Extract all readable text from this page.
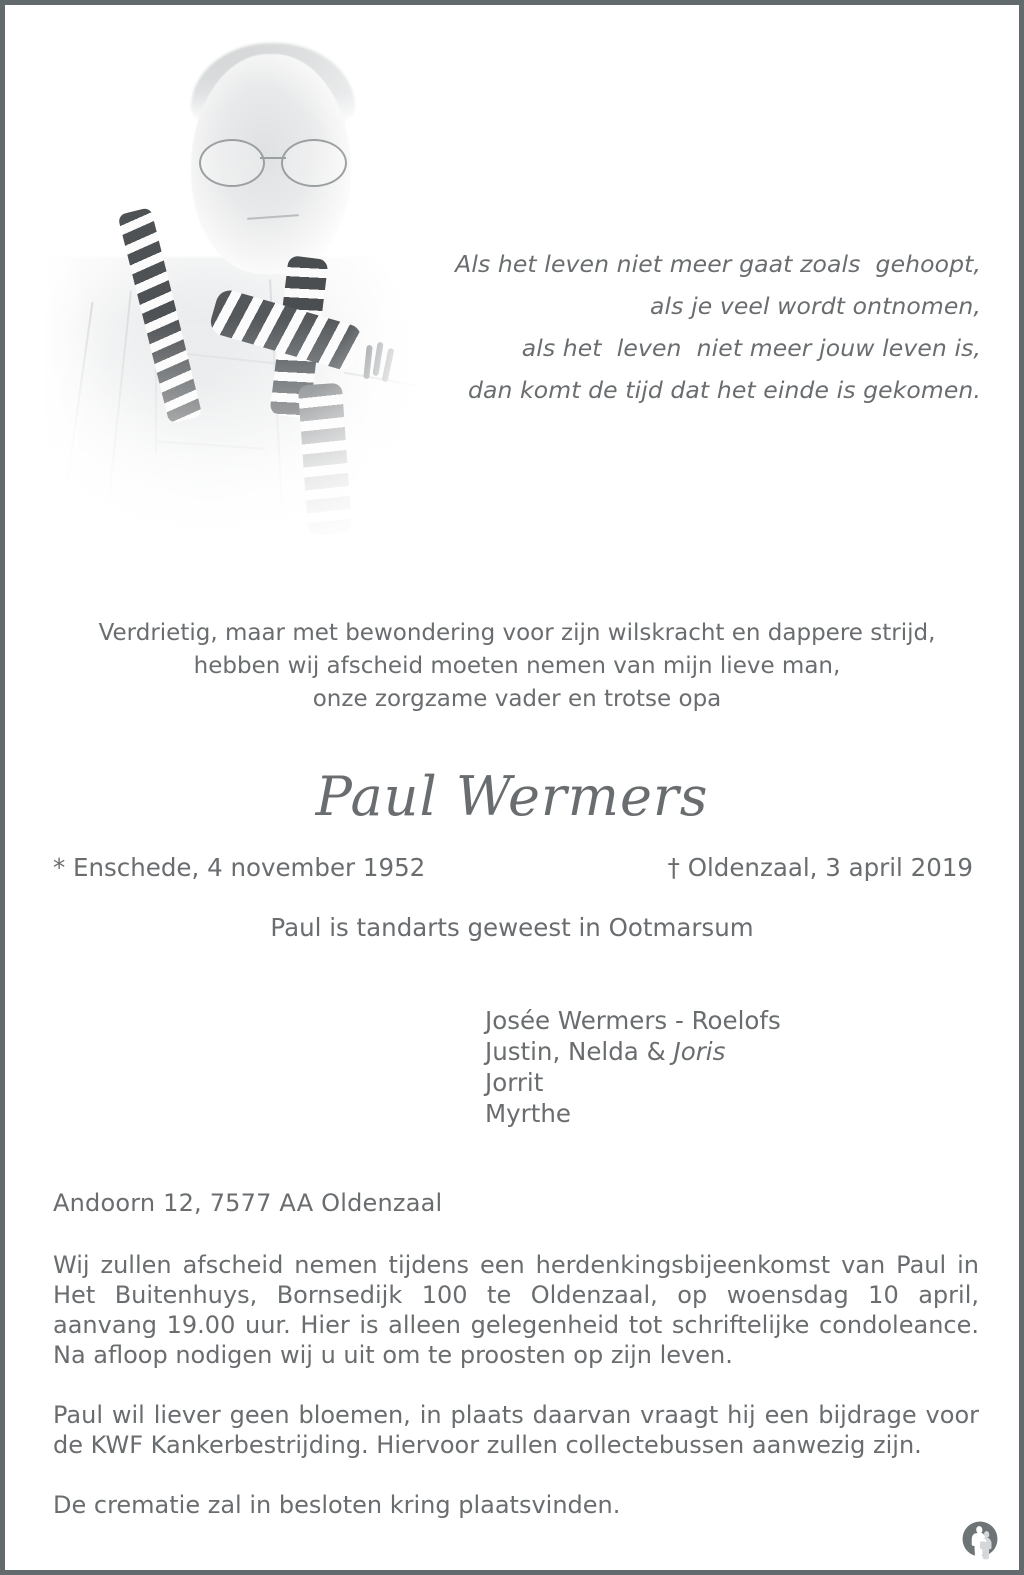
Als het leven niet meer gaat zoals  gehoopt,
als je veel wordt ontnomen,
als het  leven  niet meer jouw leven is,
dan komt de tijd dat het einde is gekomen.
Verdrietig, maar met bewondering voor zijn wilskracht en dappere strijd,
hebben wij afscheid moeten nemen van mijn lieve man,
onze zorgzame vader en trotse opa
Paul Wermers
* Enschede, 4 november 1952	† Oldenzaal, 3 april 2019
Paul is tandarts geweest in Ootmarsum
Josée Wermers - Roelofs
Justin, Nelda & Joris
Jorrit
Myrthe
Andoorn 12, 7577 AA Oldenzaal

Wij zullen afscheid nemen tijdens een herdenkingsbijeenkomst van Paul in Het Buitenhuys, Bornsedijk 100 te Oldenzaal, op woensdag 10 april, aanvang 19.00 uur. Hier is alleen gelegenheid tot schriftelijke condoleance. Na afloop nodigen wij u uit om te proosten op zijn leven.

Paul wil liever geen bloemen, in plaats daarvan vraagt hij een bijdrage voor de KWF Kankerbestrijding. Hiervoor zullen collectebussen aanwezig zijn.

De crematie zal in besloten kring plaatsvinden.
